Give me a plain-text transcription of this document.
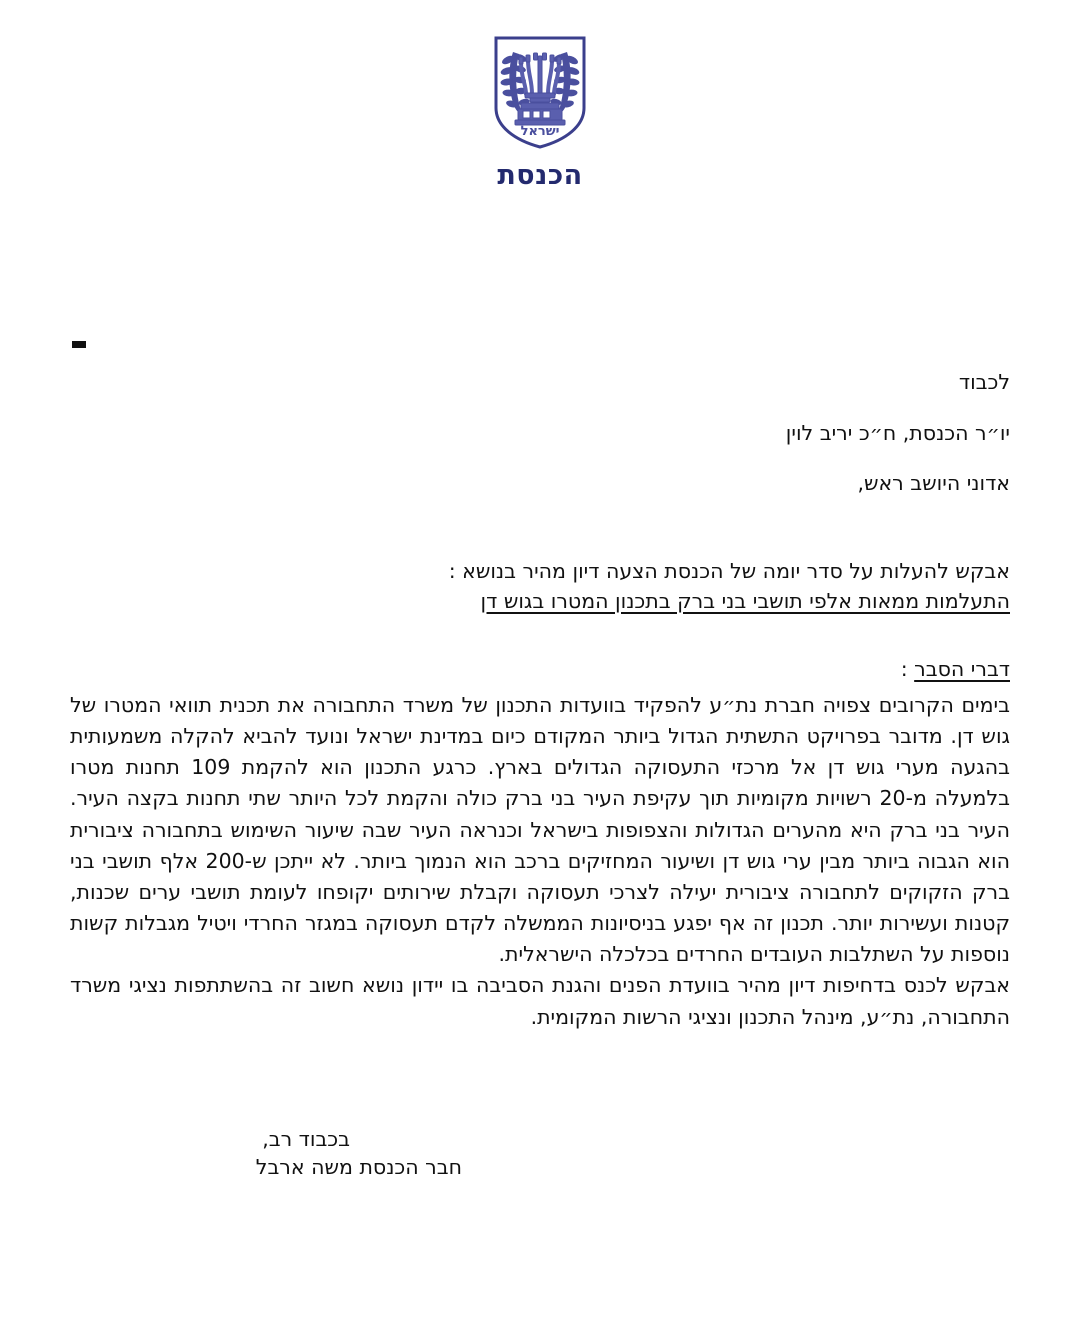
ישראל
הכנסת
לכבוד
יו״ר הכנסת, ח״כ יריב לוין
אדוני היושב ראש,
אבקש להעלות על סדר יומה של הכנסת הצעה דיון מהיר בנושא :
התעלמות ממאות אלפי תושבי בני ברק בתכנון המטרו בגוש דן
דברי הסבר :

בימים הקרובים צפויה חברת נת״ע להפקיד בוועדות התכנון של משרד התחבורה את תכנית תוואי המטרו של גוש דן. מדובר בפרויקט התשתית הגדול ביותר המקודם כיום במדינת ישראל ונועד להביא להקלה משמעותית בהגעה מערי גוש דן אל מרכזי התעסוקה הגדולים בארץ. כרגע התכנון הוא להקמת 109 תחנות מטרו בלמעלה מ-20 רשויות מקומיות תוך עקיפת העיר בני ברק כולה והקמת לכל היותר שתי תחנות בקצה העיר. העיר בני ברק היא מהערים הגדולות והצפופות בישראל וכנראה העיר שבה שיעור השימוש בתחבורה ציבורית הוא הגבוה ביותר מבין ערי גוש דן ושיעור המחזיקים ברכב הוא הנמוך ביותר. לא ייתכן ש-200 אלף תושבי בני ברק הזקוקים לתחבורה ציבורית יעילה לצרכי תעסוקה וקבלת שירותים יקופחו לעומת תושבי ערים שכנות, קטנות ועשירות יותר. תכנון זה אף יפגע בניסיונות הממשלה לקדם תעסוקה במגזר החרדי ויטיל מגבלות קשות נוספות על השתלבות העובדים החרדים בכלכלה הישראלית.

אבקש לכנס בדחיפות דיון מהיר בוועדת הפנים והגנת הסביבה בו יידון נושא חשוב זה בהשתתפות נציגי משרד התחבורה, נת״ע, מינהל התכנון ונציגי הרשות המקומית.

בכבוד רב,
חבר הכנסת משה ארבל
